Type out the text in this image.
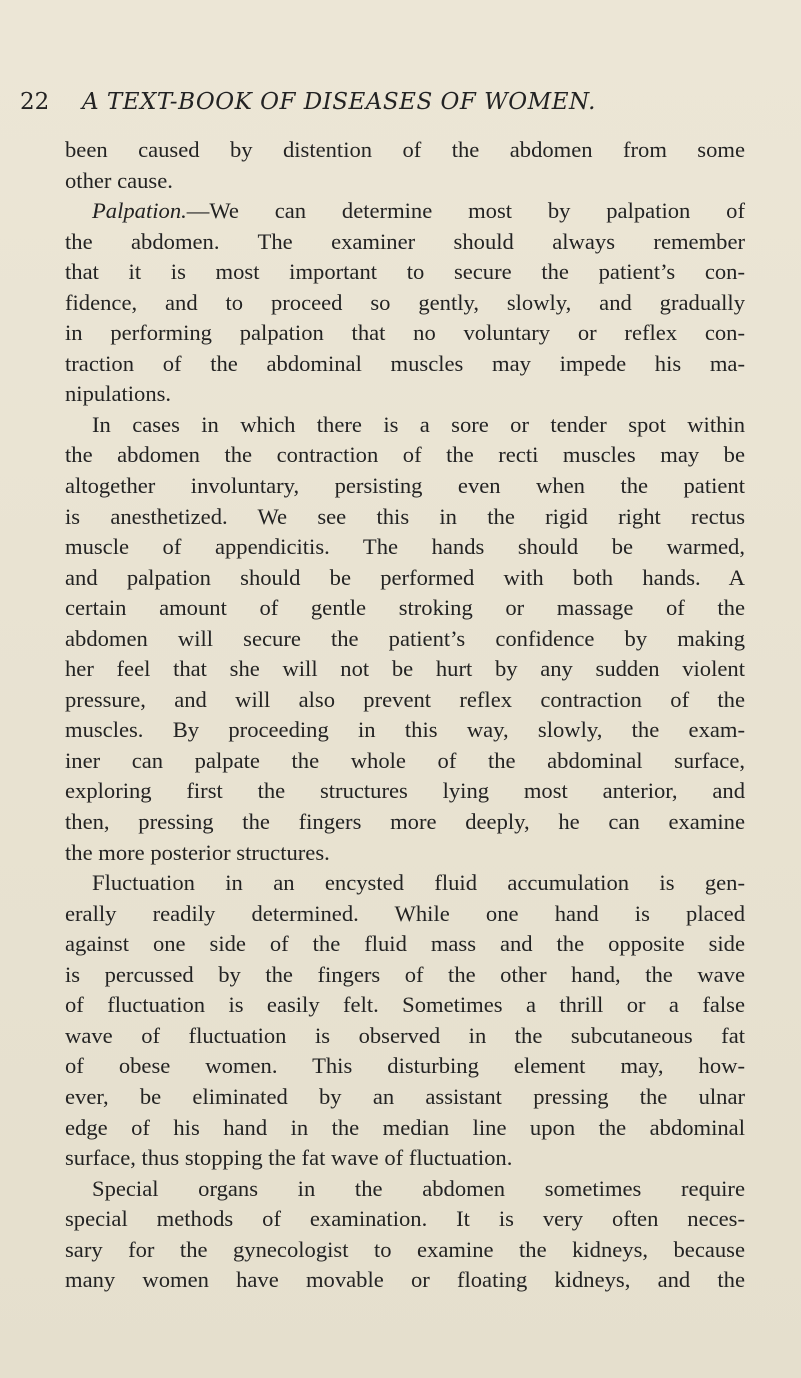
22 A TEXT-BOOK OF DISEASES OF WOMEN.
been caused by distention of the abdomen from some
other cause.
Palpation.—We can determine most by palpation of
the abdomen. The examiner should always remember
that it is most important to secure the patient’s con-
fidence, and to proceed so gently, slowly, and gradually
in performing palpation that no voluntary or reflex con-
traction of the abdominal muscles may impede his ma-
nipulations.
In cases in which there is a sore or tender spot within
the abdomen the contraction of the recti muscles may be
altogether involuntary, persisting even when the patient
is anesthetized. We see this in the rigid right rectus
muscle of appendicitis. The hands should be warmed,
and palpation should be performed with both hands. A
certain amount of gentle stroking or massage of the
abdomen will secure the patient’s confidence by making
her feel that she will not be hurt by any sudden violent
pressure, and will also prevent reflex contraction of the
muscles. By proceeding in this way, slowly, the exam-
iner can palpate the whole of the abdominal surface,
exploring first the structures lying most anterior, and
then, pressing the fingers more deeply, he can examine
the more posterior structures.
Fluctuation in an encysted fluid accumulation is gen-
erally readily determined. While one hand is placed
against one side of the fluid mass and the opposite side
is percussed by the fingers of the other hand, the wave
of fluctuation is easily felt. Sometimes a thrill or a false
wave of fluctuation is observed in the subcutaneous fat
of obese women. This disturbing element may, how-
ever, be eliminated by an assistant pressing the ulnar
edge of his hand in the median line upon the abdominal
surface, thus stopping the fat wave of fluctuation.
Special organs in the abdomen sometimes require
special methods of examination. It is very often neces-
sary for the gynecologist to examine the kidneys, because
many women have movable or floating kidneys, and the
